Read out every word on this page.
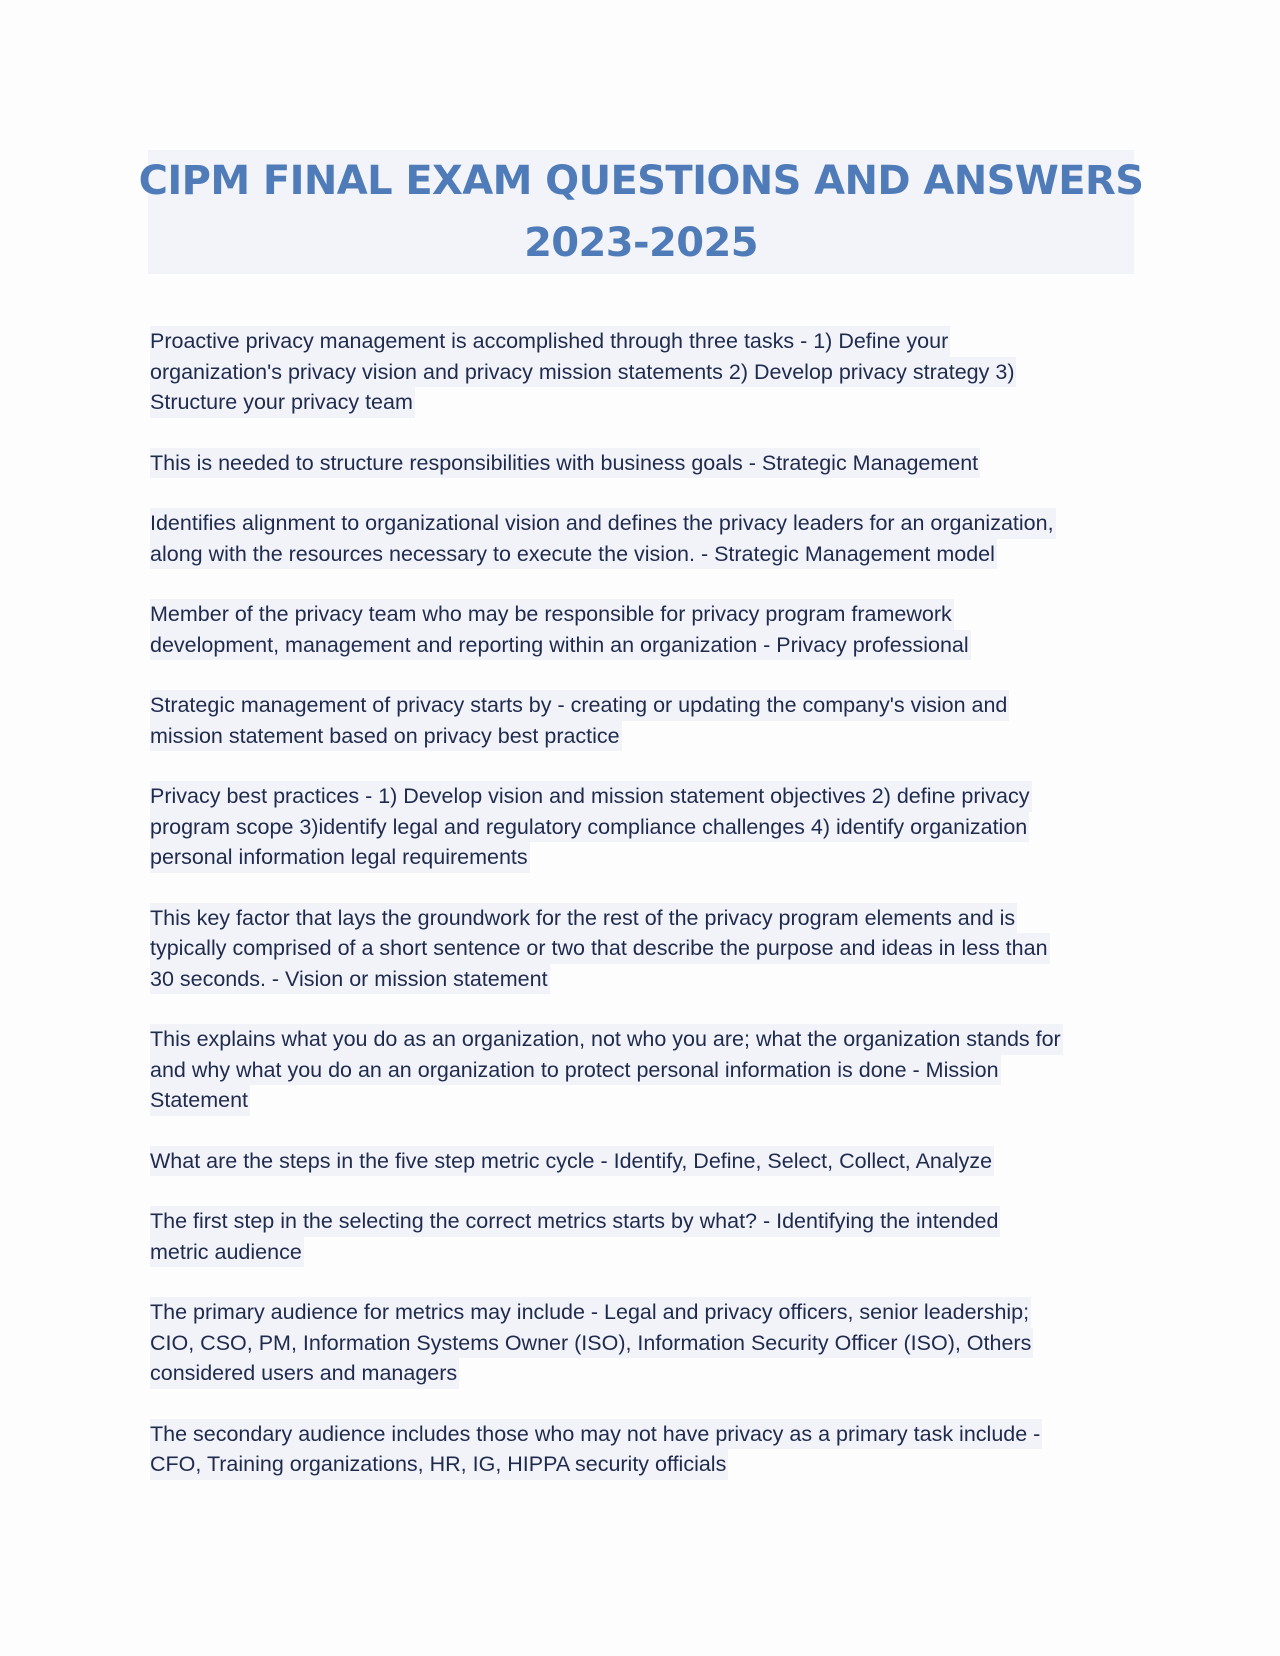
CIPM FINAL EXAM QUESTIONS AND ANSWERS
2023-2025
Proactive privacy management is accomplished through three tasks - 1) Define your
organization's privacy vision and privacy mission statements 2) Develop privacy strategy 3)
Structure your privacy team
This is needed to structure responsibilities with business goals - Strategic Management
Identifies alignment to organizational vision and defines the privacy leaders for an organization,
along with the resources necessary to execute the vision. - Strategic Management model
Member of the privacy team who may be responsible for privacy program framework
development, management and reporting within an organization - Privacy professional
Strategic management of privacy starts by - creating or updating the company's vision and
mission statement based on privacy best practice
Privacy best practices - 1) Develop vision and mission statement objectives 2) define privacy
program scope 3)identify legal and regulatory compliance challenges 4) identify organization
personal information legal requirements
This key factor that lays the groundwork for the rest of the privacy program elements and is
typically comprised of a short sentence or two that describe the purpose and ideas in less than
30 seconds. - Vision or mission statement
This explains what you do as an organization, not who you are; what the organization stands for
and why what you do an an organization to protect personal information is done - Mission
Statement
What are the steps in the five step metric cycle - Identify, Define, Select, Collect, Analyze
The first step in the selecting the correct metrics starts by what? - Identifying the intended
metric audience
The primary audience for metrics may include - Legal and privacy officers, senior leadership;
CIO, CSO, PM, Information Systems Owner (ISO), Information Security Officer (ISO), Others
considered users and managers
The secondary audience includes those who may not have privacy as a primary task include -
CFO, Training organizations, HR, IG, HIPPA security officials
